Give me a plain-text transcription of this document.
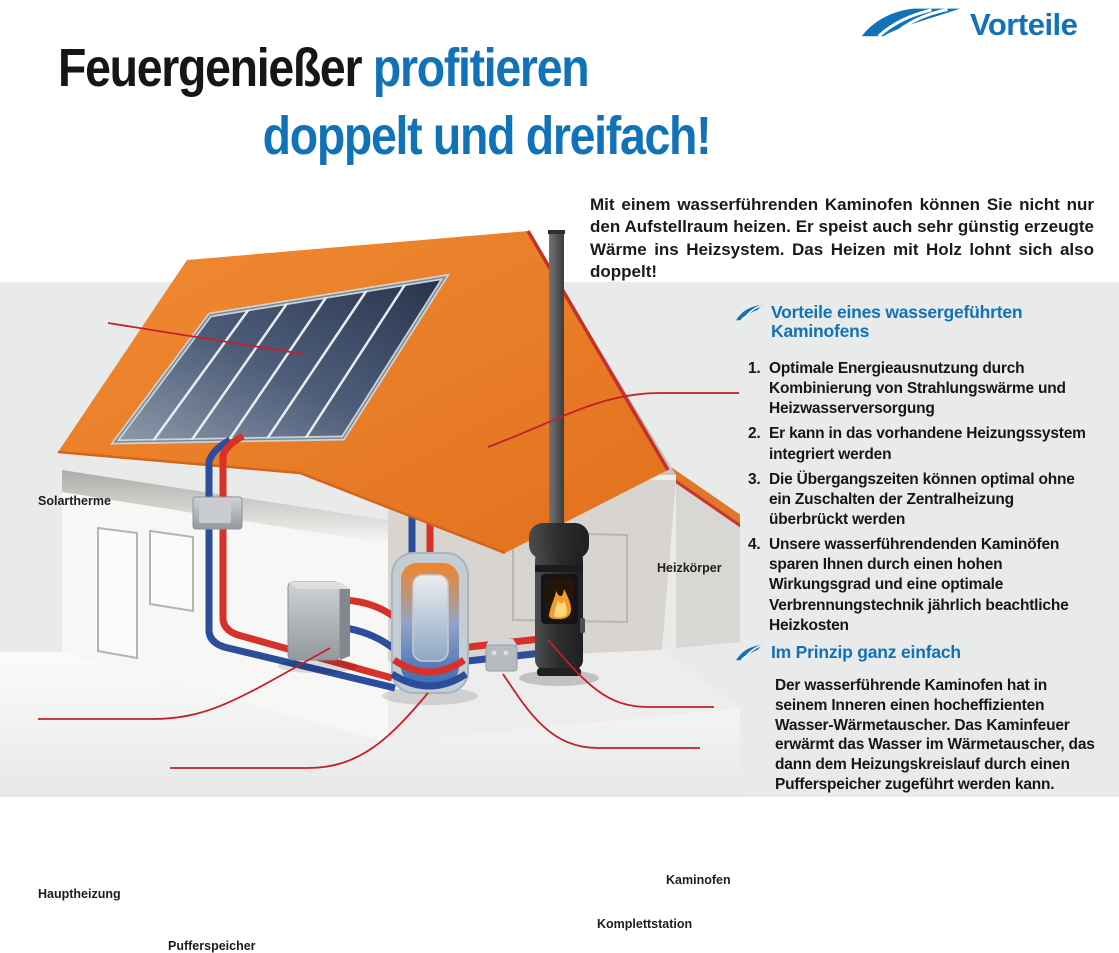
Vorteile
Feuergenießer profitieren
doppelt und dreifach!

Mit einem wasserführenden Kaminofen können Sie nicht nur den Aufstellraum heizen. Er speist auch sehr günstig erzeugte Wärme ins Heizsystem. Das Heizen mit Holz lohnt sich also doppelt!

Solartherme
Heizkörper
Hauptheizung
Pufferspeicher
Kaminofen
Komplettstation
Vorteile eines wassergeführten Kaminofens
1. Optimale Energieausnutzung durch Kombinierung von Strahlungswärme und Heizwasserversorgung
2. Er kann in das vorhandene Heizungssystem integriert werden
3. Die Übergangszeiten können optimal ohne ein Zuschalten der Zentralheizung überbrückt werden
4. Unsere wasserführendenden Kaminöfen sparen Ihnen durch einen hohen Wirkungsgrad und eine optimale Verbrennungstechnik jährlich beachtliche Heizkosten
Im Prinzip ganz einfach

Der wasserführende Kaminofen hat in seinem Inneren einen hocheffizienten Wasser-Wärmetauscher. Das Kaminfeuer erwärmt das Wasser im Wärmetauscher, das dann dem Heizungskreislauf durch einen Pufferspeicher zugeführt werden kann.
